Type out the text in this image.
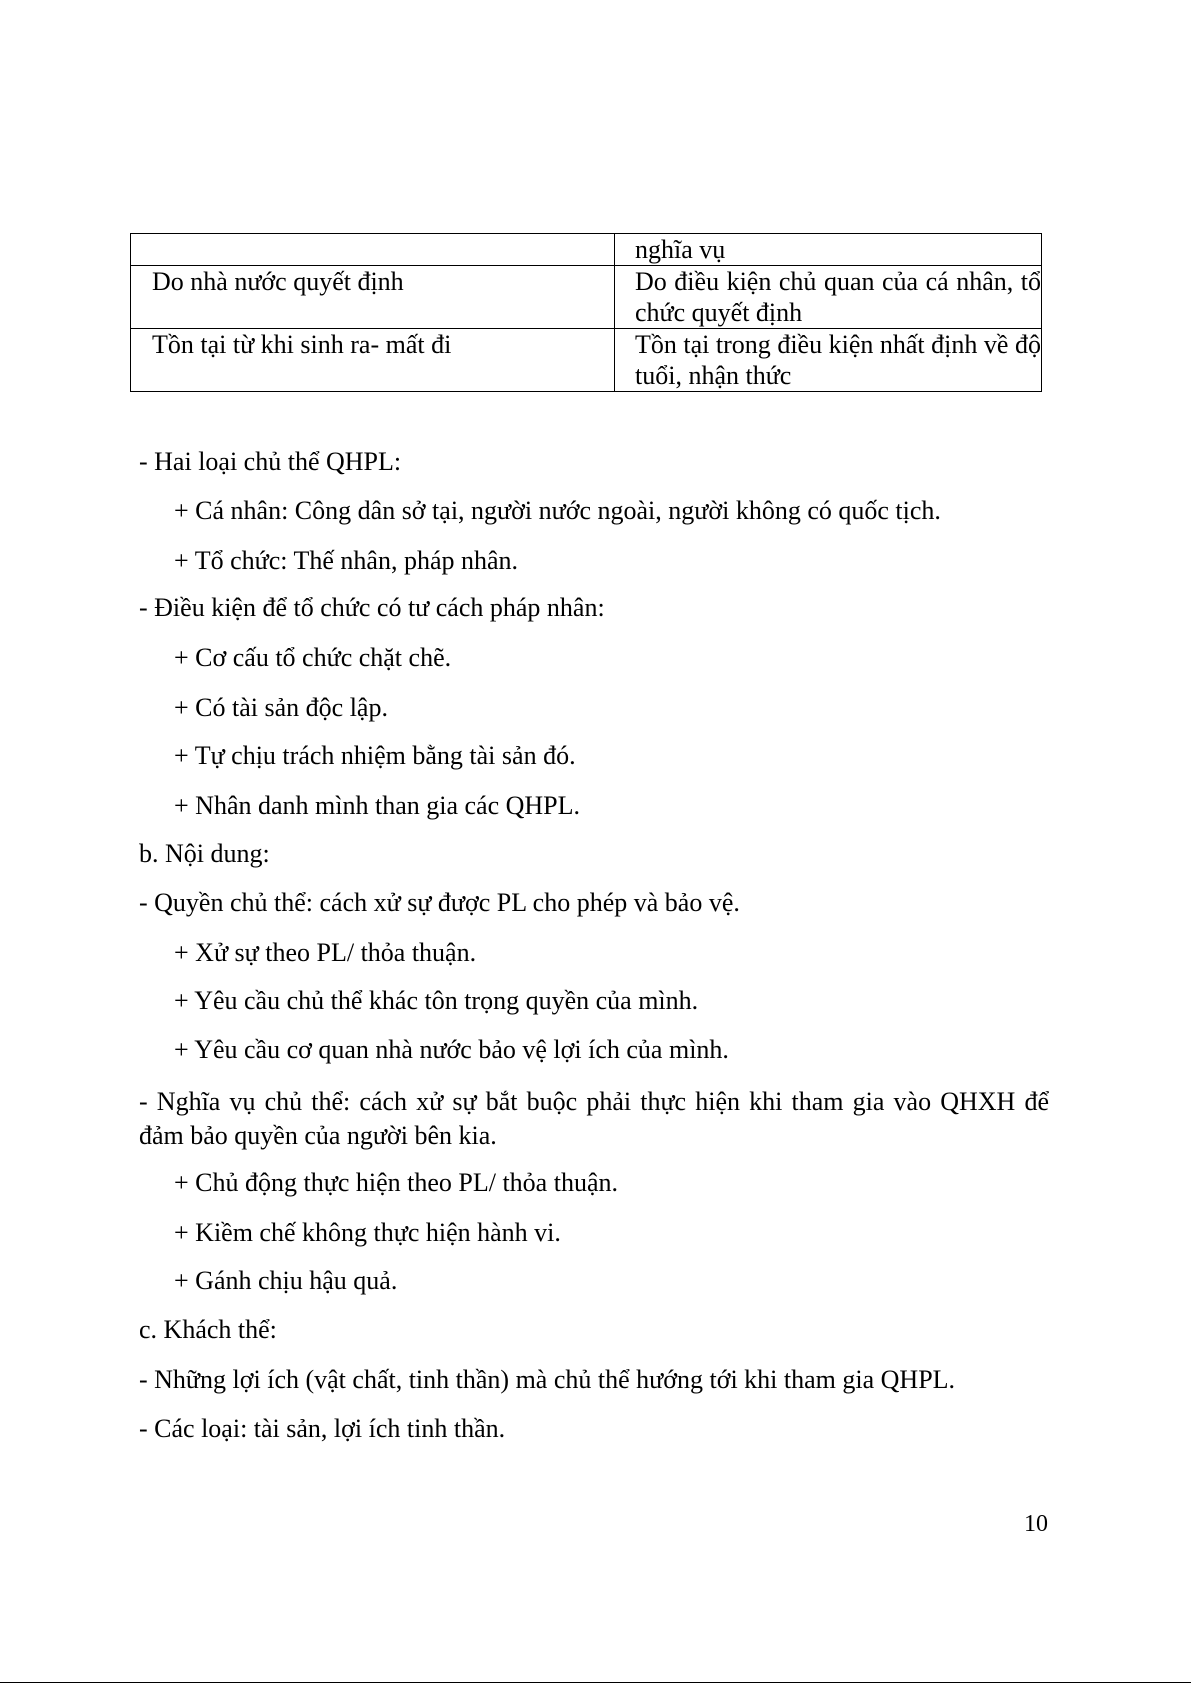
	nghĩa vụ
Do nhà nước quyết định	Do điều kiện chủ quan của cá nhân, tổ chức quyết định
Tồn tại từ khi sinh ra- mất đi	Tồn tại trong điều kiện nhất định về độ tuổi, nhận thức
- Hai loại chủ thể QHPL:
+ Cá nhân: Công dân sở tại, người nước ngoài, người không có quốc tịch.
+ Tổ chức: Thế nhân, pháp nhân.
- Điều kiện để tổ chức có tư cách pháp nhân:
+ Cơ cấu tổ chức chặt chẽ.
+ Có tài sản độc lập.
+ Tự chịu trách nhiệm bằng tài sản đó.
+ Nhân danh mình than gia các QHPL.
b. Nội dung:
- Quyền chủ thể: cách xử sự được PL cho phép và bảo vệ.
+ Xử sự theo PL/ thỏa thuận.
+ Yêu cầu chủ thể khác tôn trọng quyền của mình.
+ Yêu cầu cơ quan nhà nước bảo vệ lợi ích của mình.
- Nghĩa vụ chủ thể: cách xử sự bắt buộc phải thực hiện khi tham gia vào QHXH để đảm bảo quyền của người bên kia.
+ Chủ động thực hiện theo PL/ thỏa thuận.
+ Kiềm chế không thực hiện hành vi.
+ Gánh chịu hậu quả.
c. Khách thể:
- Những lợi ích (vật chất, tinh thần) mà chủ thể hướng tới khi tham gia QHPL.
- Các loại: tài sản, lợi ích tinh thần.
10
